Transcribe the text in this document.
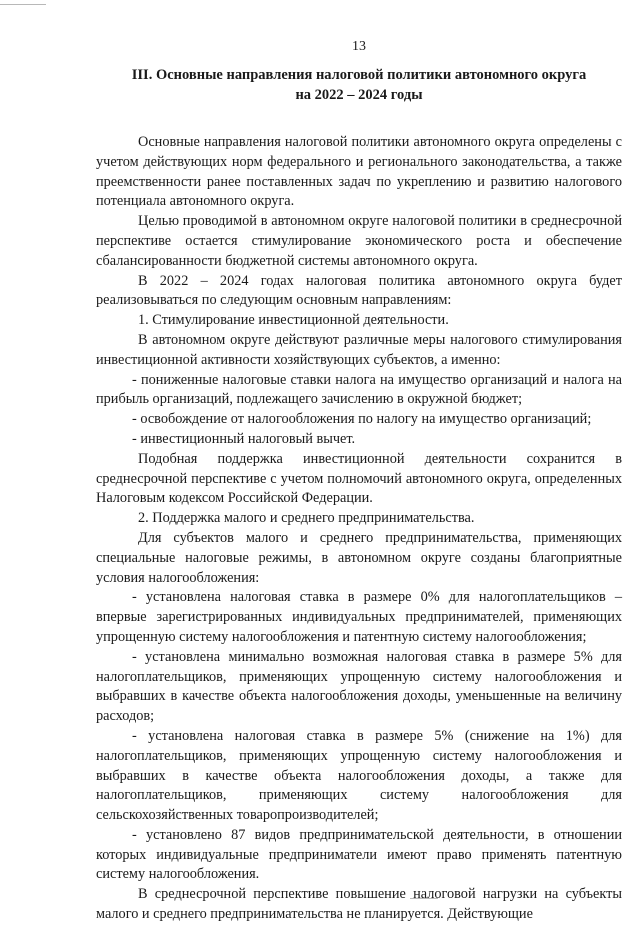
13
III. Основные направления налоговой политики автономного округа
на 2022 – 2024 годы

Основные направления налоговой политики автономного округа определены с учетом действующих норм федерального и регионального законодательства, а также преемственности ранее поставленных задач по укреплению и развитию налогового потенциала автономного округа.

Целью проводимой в автономном округе налоговой политики в среднесрочной перспективе остается стимулирование экономического роста и обеспечение сбалансированности бюджетной системы автономного округа.

В 2022 – 2024 годах налоговая политика автономного округа будет реализовываться по следующим основным направлениям:

1. Стимулирование инвестиционной деятельности.

В автономном округе действуют различные меры налогового стимулирования инвестиционной активности хозяйствующих субъектов, а именно:

- пониженные налоговые ставки налога на имущество организаций и налога на прибыль организаций, подлежащего зачислению в окружной бюджет;

- освобождение от налогообложения по налогу на имущество организаций;

- инвестиционный налоговый вычет.

Подобная поддержка инвестиционной деятельности сохранится в среднесрочной перспективе с учетом полномочий автономного округа, определенных Налоговым кодексом Российской Федерации.

2. Поддержка малого и среднего предпринимательства.

Для субъектов малого и среднего предпринимательства, применяющих специальные налоговые режимы, в автономном округе созданы благоприятные условия налогообложения:

- установлена налоговая ставка в размере 0% для налогоплательщиков – впервые зарегистрированных индивидуальных предпринимателей, применяющих упрощенную систему налогообложения и патентную систему налогообложения;

- установлена минимально возможная налоговая ставка в размере 5% для налогоплательщиков, применяющих упрощенную систему налогообложения и выбравших в качестве объекта налогообложения доходы, уменьшенные на величину расходов;

- установлена налоговая ставка в размере 5% (снижение на 1%) для налогоплательщиков, применяющих упрощенную систему налогообложения и выбравших в качестве объекта налогообложения доходы, а также для налогоплательщиков, применяющих систему налогообложения для сельскохозяйственных товаропроизводителей;

- установлено 87 видов предпринимательской деятельности, в отношении которых индивидуальные предприниматели имеют право применять патентную систему налогообложения.

В среднесрочной перспективе повышение налоговой нагрузки на субъекты малого и среднего предпринимательства не планируется. Действующие
